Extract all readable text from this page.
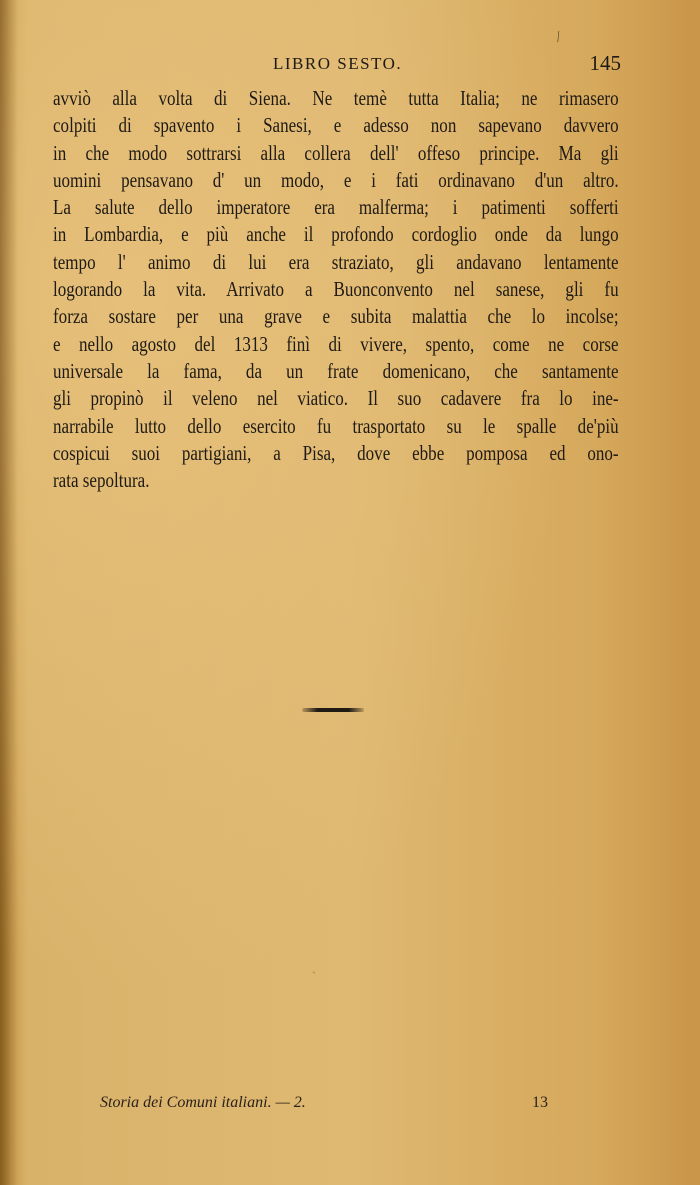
LIBRO SESTO.	145
avviò alla volta di Siena. Ne temè tutta Italia; ne rimasero
colpiti di spavento i Sanesi, e adesso non sapevano davvero
in che modo sottrarsi alla collera dell' offeso principe. Ma gli
uomini pensavano d' un modo, e i fati ordinavano d'un altro.
La salute dello imperatore era malferma; i patimenti sofferti
in Lombardia, e più anche il profondo cordoglio onde da lungo
tempo l' animo di lui era straziato, gli andavano lentamente
logorando la vita. Arrivato a Buonconvento nel sanese, gli fu
forza sostare per una grave e subita malattia che lo incolse;
e nello agosto del 1313 finì di vivere, spento, come ne corse
universale la fama, da un frate domenicano, che santamente
gli propinò il veleno nel viatico. Il suo cadavere fra lo ine-
narrabile lutto dello esercito fu trasportato su le spalle de'più
cospicui suoi partigiani, a Pisa, dove ebbe pomposa ed ono-
rata sepoltura.
⁄
ˏ
Storia dei Comuni italiani. — 2.	13
